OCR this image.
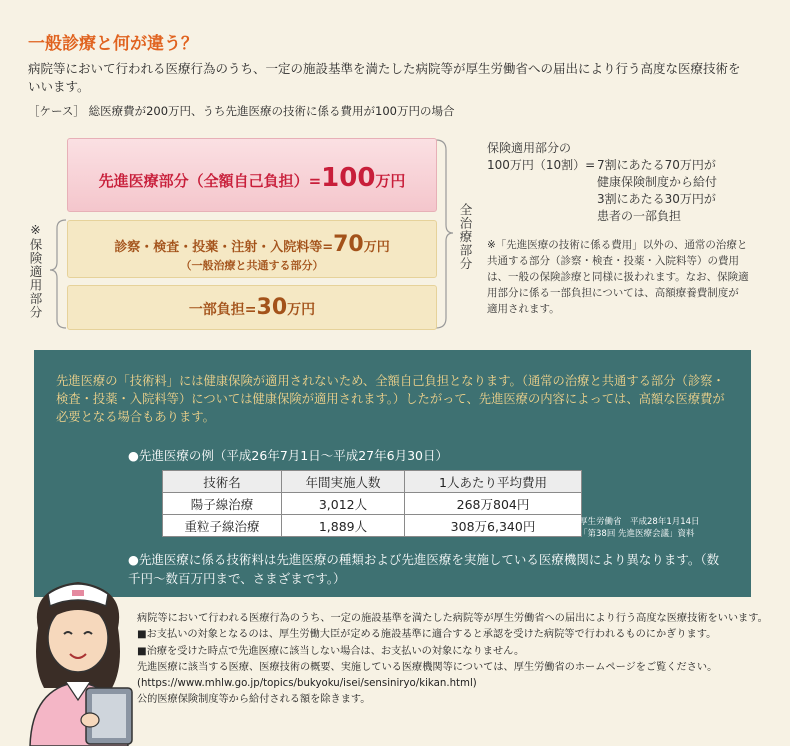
一般診療と何が違う？
病院等において行われる医療行為のうち、一定の施設基準を満たした病院等が厚生労働省への届出により行う高度な医療技術をいいます。
［ケース］ 総医療費が200万円、うち先進医療の技術に係る費用が100万円の場合
先進医療部分（全額自己負担）=100万円
診察・検査・投薬・注射・入院料等=70万円
（一般治療と共通する部分）
一部負担=30万円
※保険適用部分	全治療部分
保険適用部分の
100万円（10割）= 7割にあたる70万円が
健康保険制度から給付
3割にあたる30万円が
患者の一部負担
※「先進医療の技術に係る費用」以外の、通常の治療と共通する部分（診察・検査・投薬・入院料等）の費用は、一般の保険診療と同様に扱われます。なお、保険適用部分に係る一部負担については、高額療養費制度が適用されます。
先進医療の「技術料」には健康保険が適用されないため、全額自己負担となります。（通常の治療と共通する部分（診察・検査・投薬・入院料等）については健康保険が適用されます。）したがって、先進医療の内容によっては、高額な医療費が必要となる場合もあります。
●先進医療の例（平成26年7月1日～平成27年6月30日）
技術名	年間実施人数	1人あたり平均費用
陽子線治療	3,012人	268万804円
重粒子線治療	1,889人	308万6,340円	厚生労働省　平成28年1月14日
「第38回 先進医療会議」資料
●先進医療に係る技術料は先進医療の種類および先進医療を実施している医療機関により異なります。（数千円～数百万円まで、さまざまです。）
病院等において行われる医療行為のうち、一定の施設基準を満たした病院等が厚生労働省への届出により行う高度な医療技術をいいます。
■お支払いの対象となるのは、厚生労働大臣が定める施設基準に適合すると承認を受けた病院等で行われるものにかぎります。
■治療を受けた時点で先進医療に該当しない場合は、お支払いの対象になりません。
先進医療に該当する医療、医療技術の概要、実施している医療機関等については、厚生労働省のホームページをご覧ください。
(https://www.mhlw.go.jp/topics/bukyoku/isei/sensiniryo/kikan.html)
公的医療保険制度等から給付される額を除きます。
